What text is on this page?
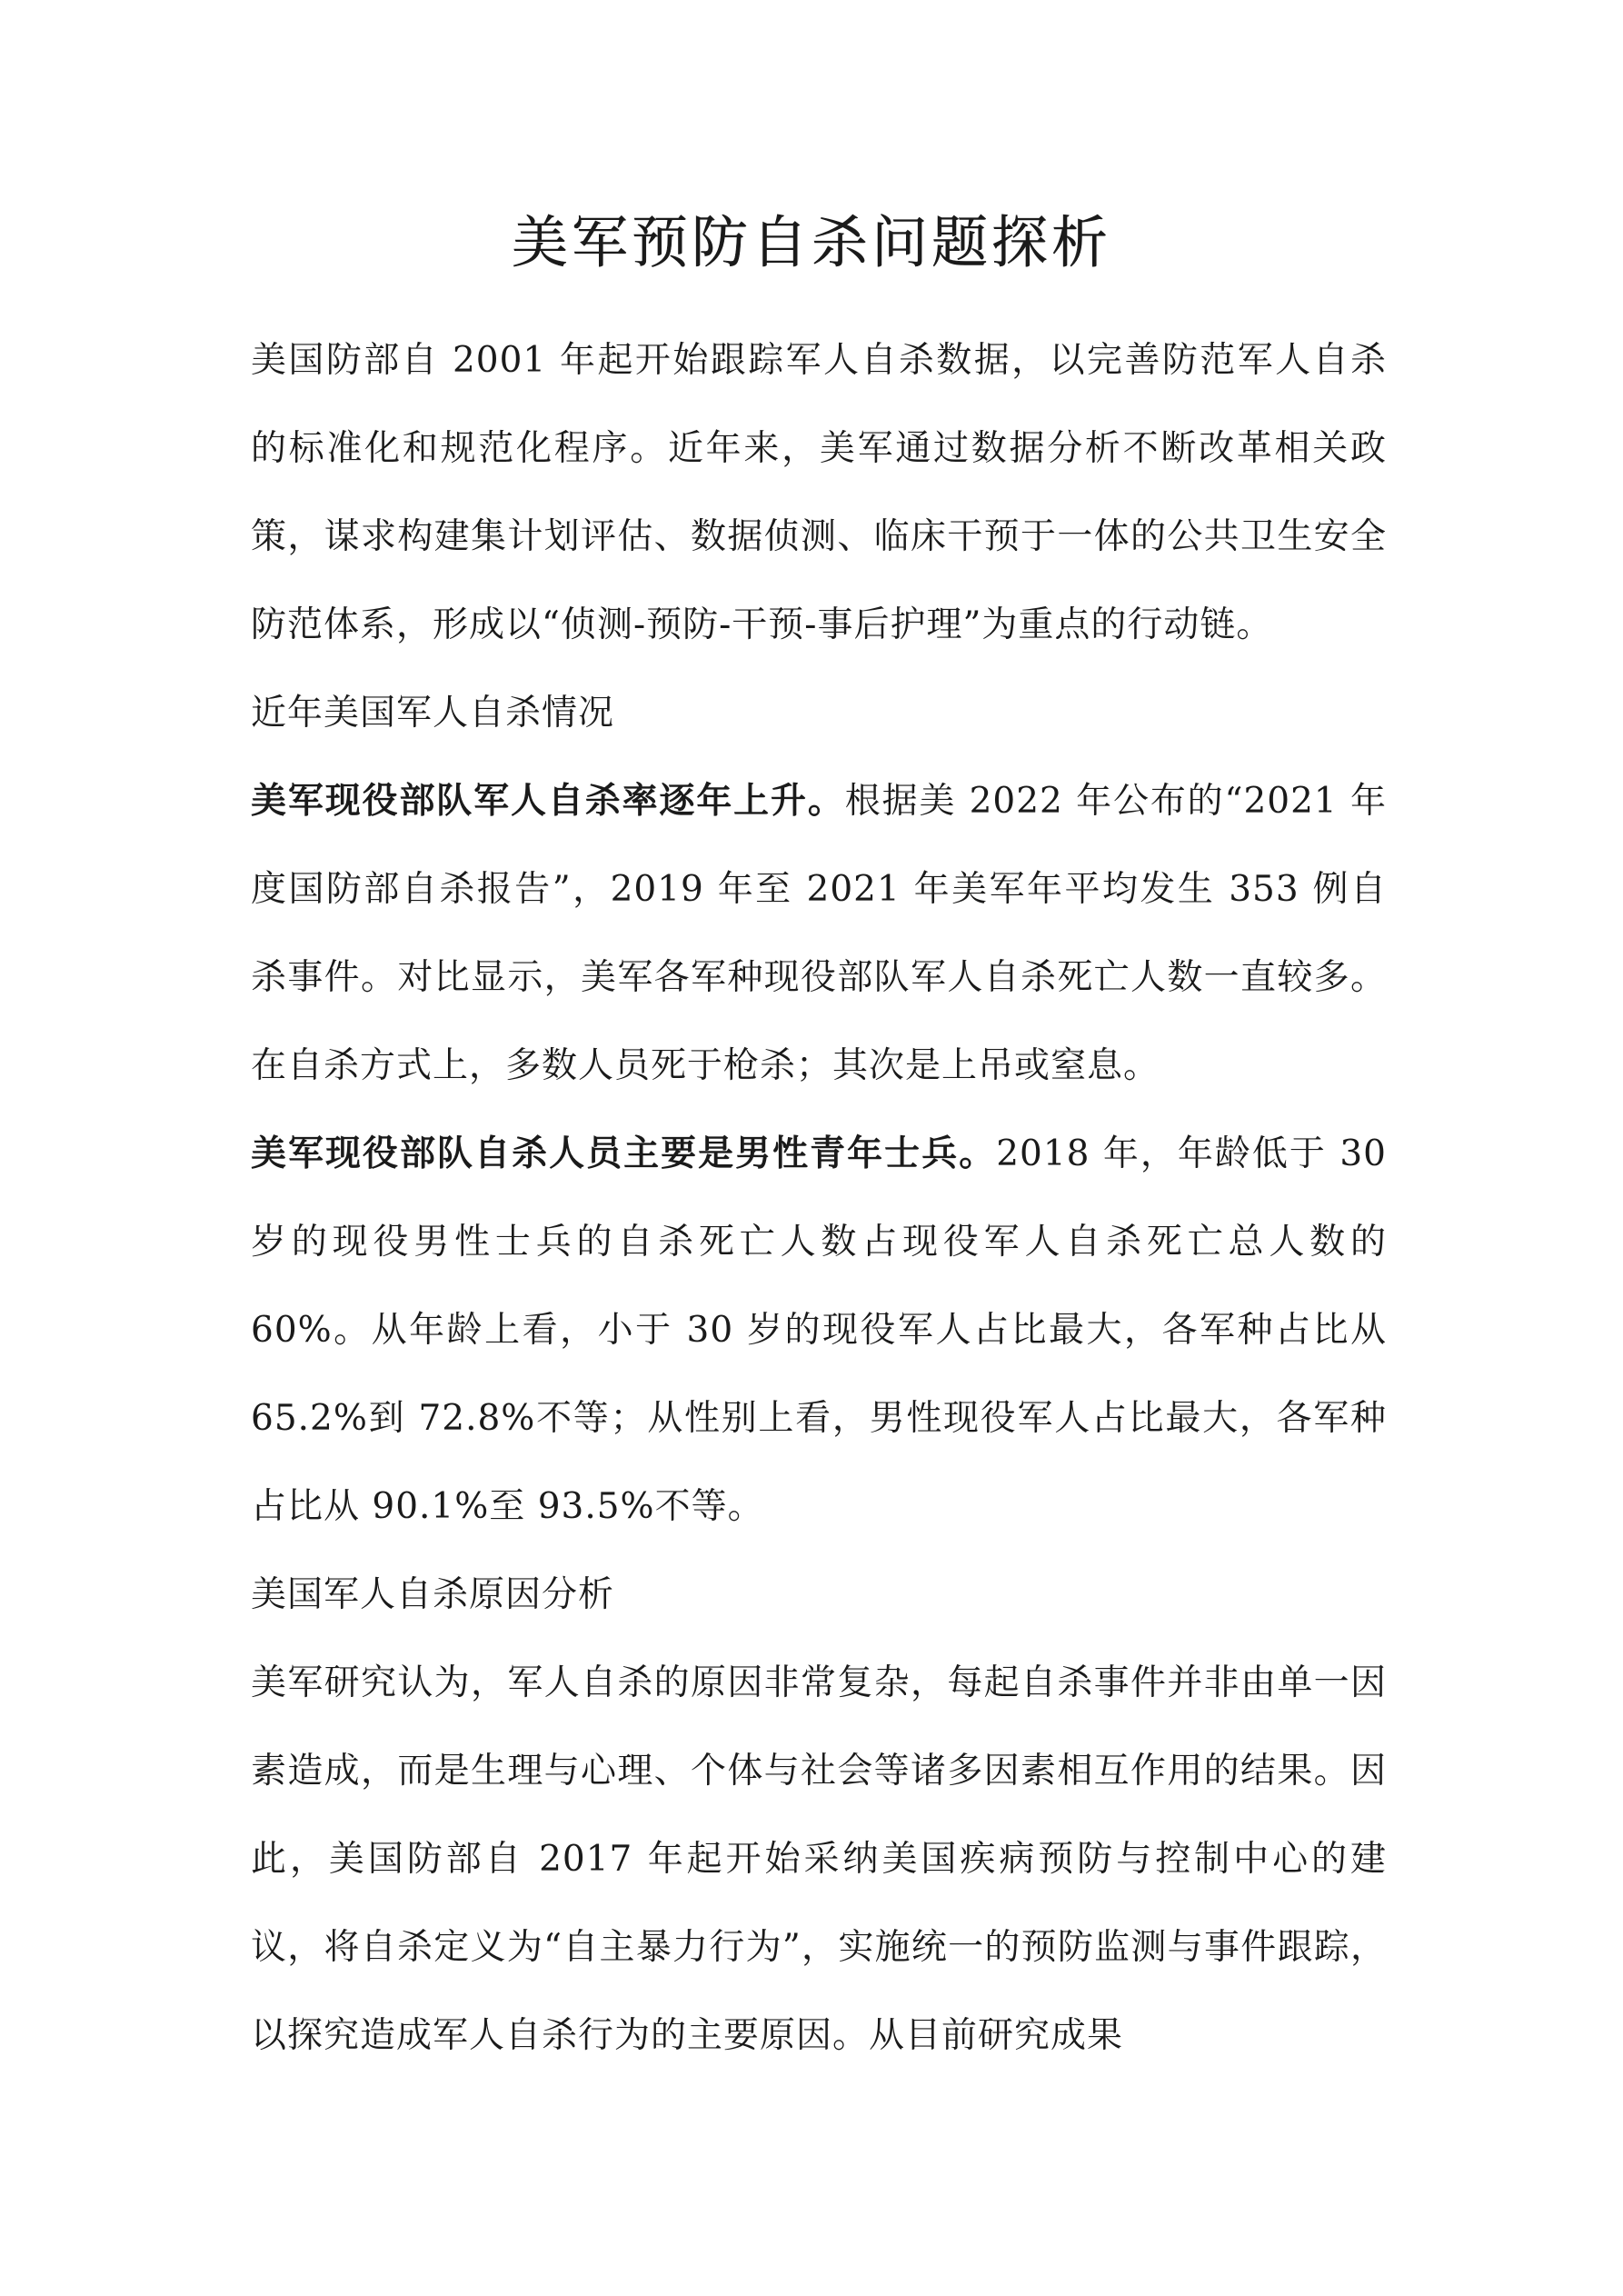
美军预防自杀问题探析

美国防部自 2001 年起开始跟踪军人自杀数据，以完善防范军人自杀的标准化和规范化程序。近年来，美军通过数据分析不断改革相关政策，谋求构建集计划评估、数据侦测、临床干预于一体的公共卫生安全防范体系，形成以“侦测-预防-干预-事后护理”为重点的行动链。

近年美国军人自杀情况

美军现役部队军人自杀率逐年上升。根据美 2022 年公布的“2021 年度国防部自杀报告”，2019 年至 2021 年美军年平均发生 353 例自杀事件。对比显示，美军各军种现役部队军人自杀死亡人数一直较多。在自杀方式上，多数人员死于枪杀；其次是上吊或窒息。

美军现役部队自杀人员主要是男性青年士兵。2018 年，年龄低于 30 岁的现役男性士兵的自杀死亡人数占现役军人自杀死亡总人数的 60%。从年龄上看，小于 30 岁的现役军人占比最大，各军种占比从 65.2%到 72.8%不等；从性别上看，男性现役军人占比最大，各军种占比从 90.1%至 93.5%不等。

美国军人自杀原因分析

美军研究认为，军人自杀的原因非常复杂，每起自杀事件并非由单一因素造成，而是生理与心理、个体与社会等诸多因素相互作用的结果。因此，美国防部自 2017 年起开始采纳美国疾病预防与控制中心的建议，将自杀定义为“自主暴力行为”，实施统一的预防监测与事件跟踪，以探究造成军人自杀行为的主要原因。从目前研究成果
